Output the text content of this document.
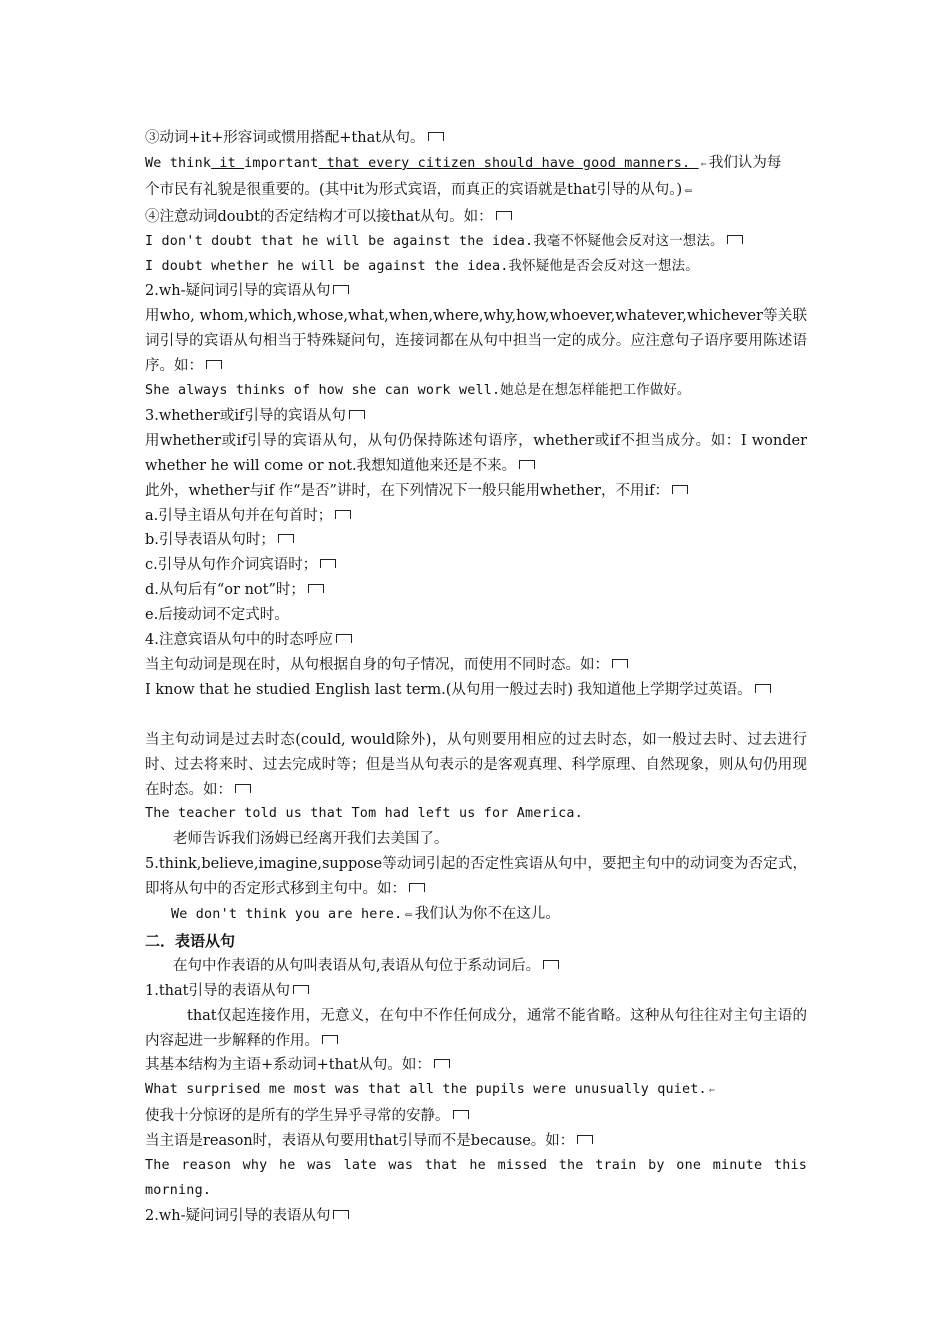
③动词+it+形容词或惯用搭配+that从句。
We think it important that every citizen should have good manners. ⇐ 我们认为每
个市民有礼貌是很重要的。(其中it为形式宾语，而真正的宾语就是that引导的从句。) ⇐
④注意动词doubt的否定结构才可以接that从句。如：
I don't doubt that he will be against the idea.我毫不怀疑他会反对这一想法。
I doubt whether he will be against the idea.我怀疑他是否会反对这一想法。
2.wh-疑问词引导的宾语从句
用who, whom,which,whose,what,when,where,why,how,whoever,whatever,whichever等关联词引导的宾语从句相当于特殊疑问句，连接词都在从句中担当一定的成分。应注意句子语序要用陈述语序。如：
She always thinks of how she can work well.她总是在想怎样能把工作做好。
3.whether或if引导的宾语从句
用whether或if引导的宾语从句，从句仍保持陈述句语序，whether或if不担当成分。如：I wonder whether he will come or not.我想知道他来还是不来。
此外，whether与if 作“是否”讲时，在下列情况下一般只能用whether，不用if：
a.引导主语从句并在句首时；
b.引导表语从句时；
c.引导从句作介词宾语时；
d.从句后有“or not”时；
e.后接动词不定式时。
4.注意宾语从句中的时态呼应
当主句动词是现在时，从句根据自身的句子情况，而使用不同时态。如：
I know that he studied English last term.(从句用一般过去时) 我知道他上学期学过英语。
当主句动词是过去时态(could, would除外)，从句则要用相应的过去时态，如一般过去时、过去进行时、过去将来时、过去完成时等；但是当从句表示的是客观真理、科学原理、自然现象，则从句仍用现在时态。如：
The teacher told us that Tom had left us for America.
老师告诉我们汤姆已经离开我们去美国了。
5.think,believe,imagine,suppose等动词引起的否定性宾语从句中，要把主句中的动词变为否定式，即将从句中的否定形式移到主句中。如：
We don't think you are here. ⇐ 我们认为你不在这儿。
二．表语从句
在句中作表语的从句叫表语从句,表语从句位于系动词后。
1.that引导的表语从句
that仅起连接作用，无意义，在句中不作任何成分，通常不能省略。这种从句往往对主句主语的内容起进一步解释的作用。
其基本结构为主语+系动词+that从句。如：
What surprised me most was that all the pupils were unusually quiet. ⇐
使我十分惊讶的是所有的学生异乎寻常的安静。
当主语是reason时，表语从句要用that引导而不是because。如：
The reason why he was late was that he missed the train by one minute this morning.
2.wh-疑问词引导的表语从句
